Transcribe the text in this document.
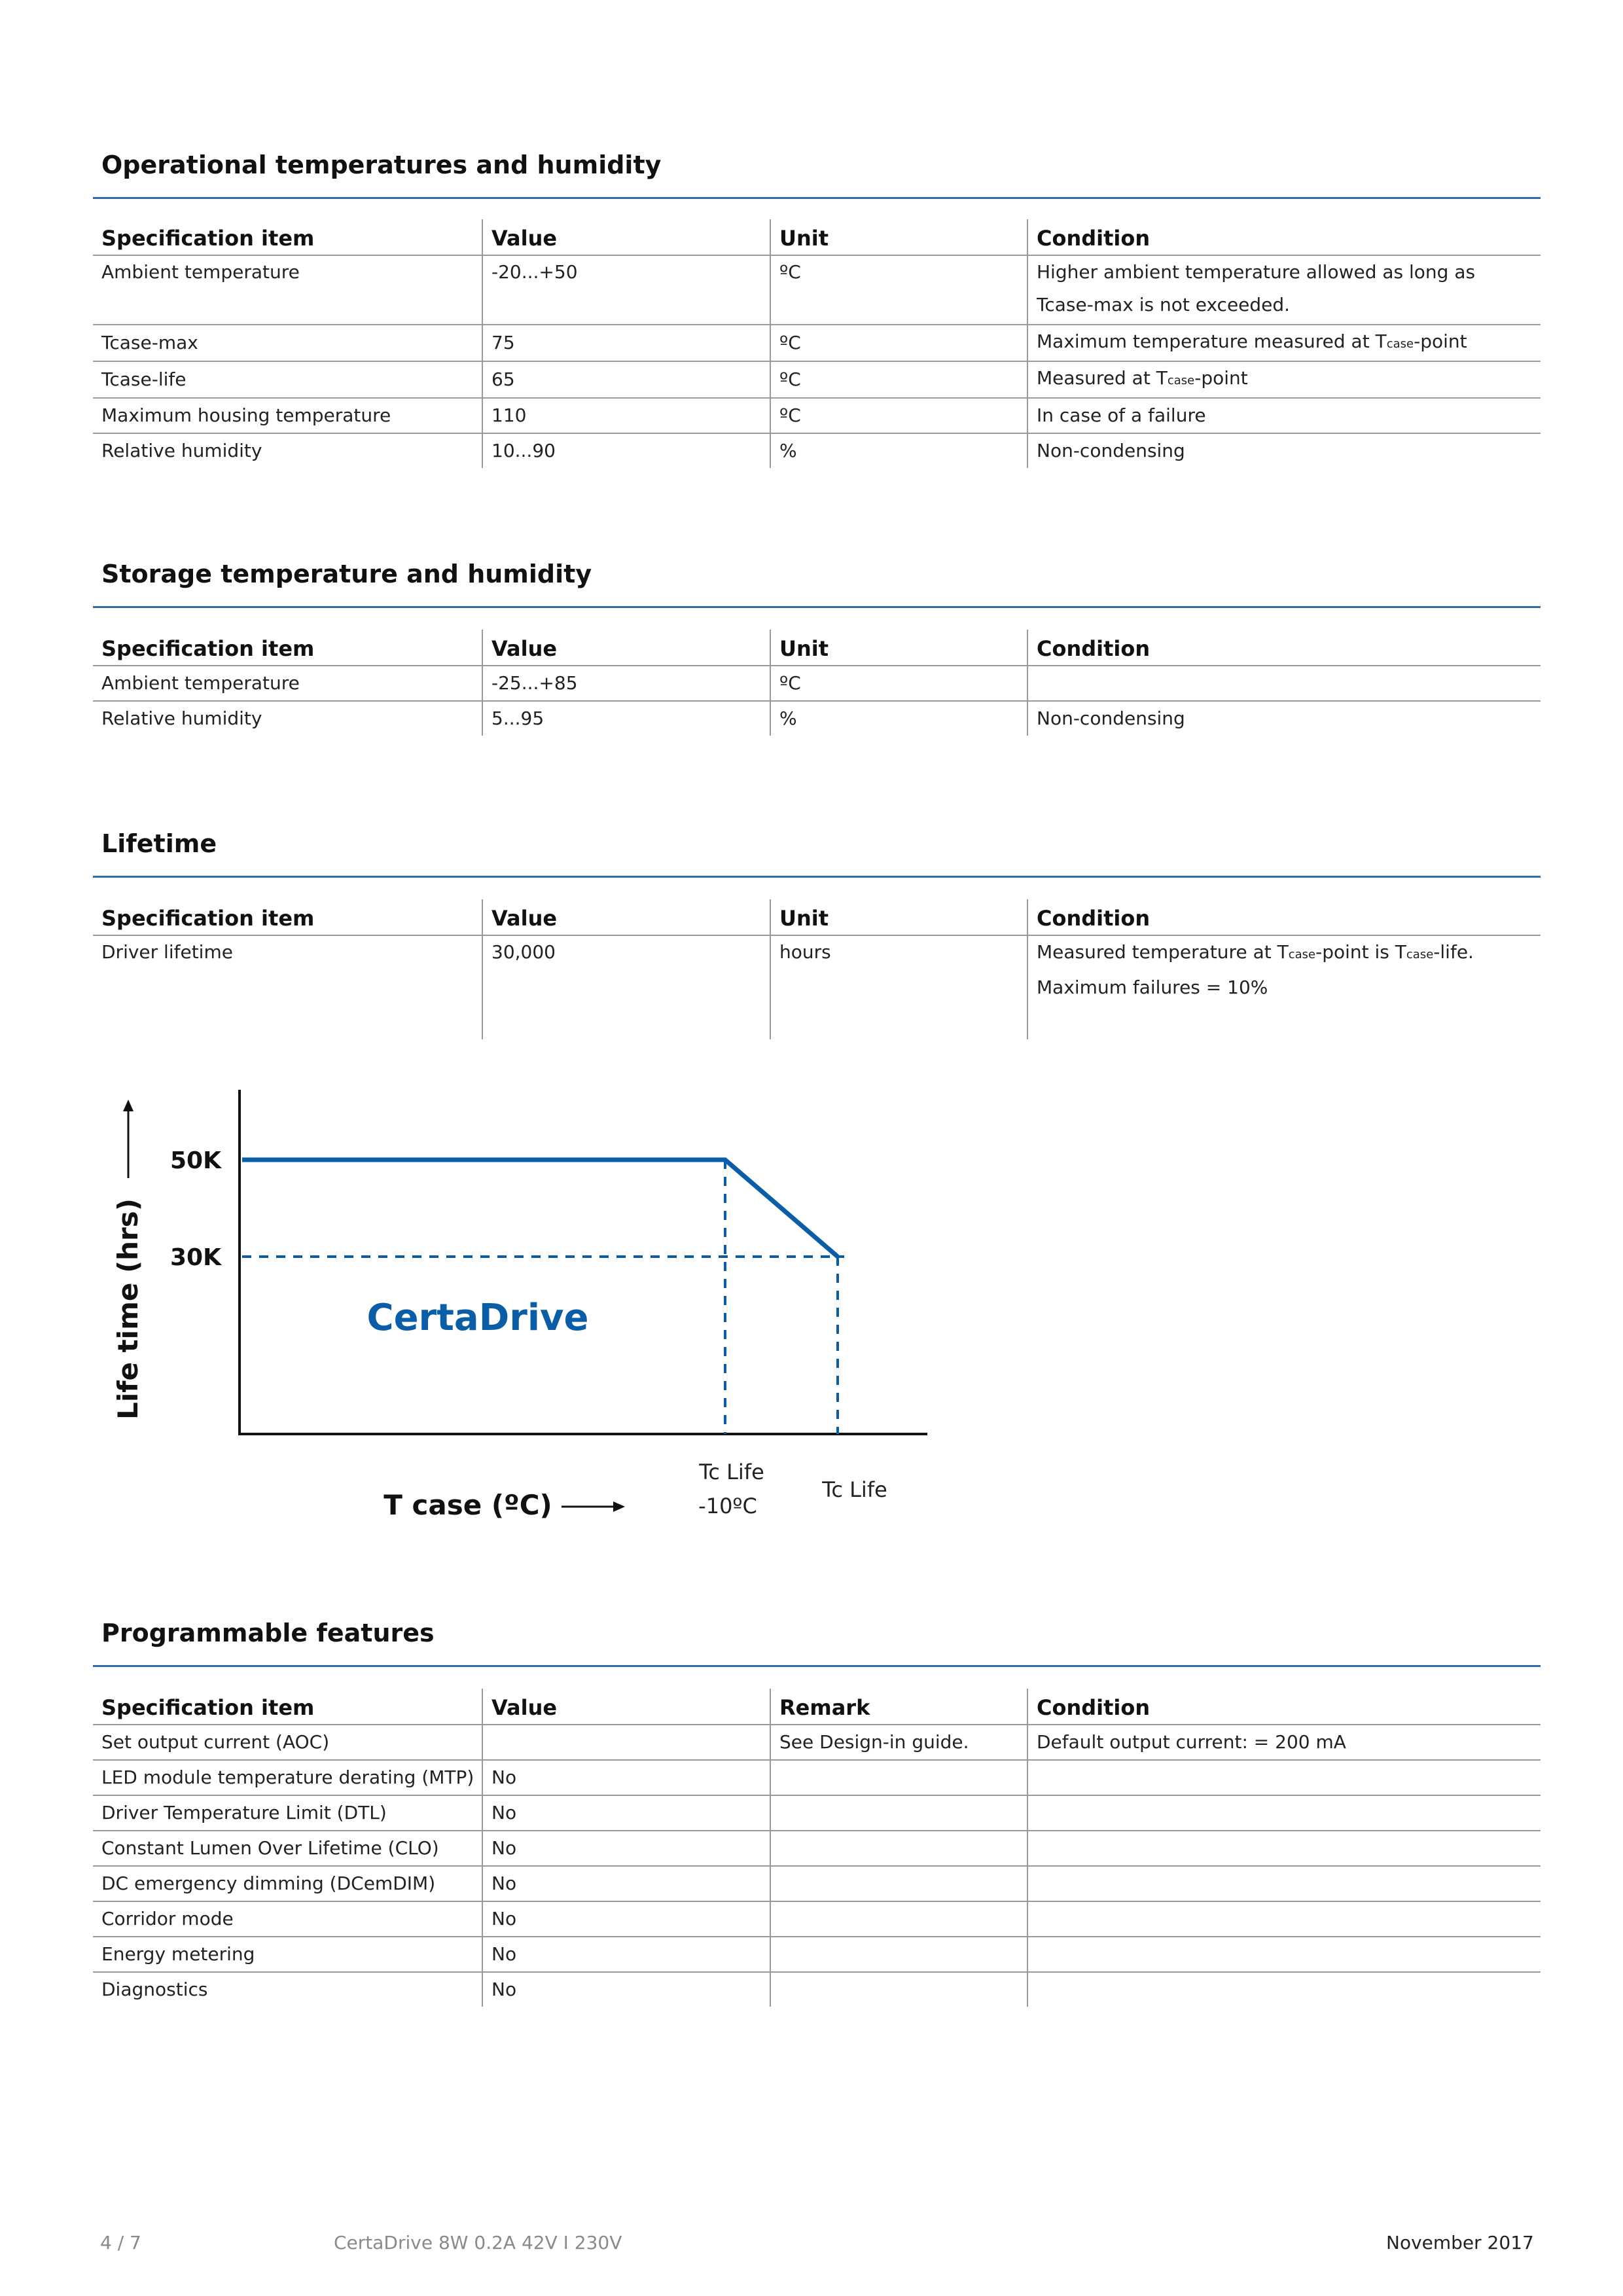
Operational temperatures and humidity
Specification item	Value	Unit	Condition
Ambient temperature	-20...+50	ºC	Higher ambient temperature allowed as long as
Tcase-max is not exceeded.

Tcase-max	75	ºC	Maximum temperature measured at Tcase-point
Tcase-life	65	ºC	Measured at Tcase-point
Maximum housing temperature	110	ºC	In case of a failure
Relative humidity	10...90	%	Non-condensing
Storage temperature and humidity
Specification item	Value	Unit	Condition
Ambient temperature	-25...+85	ºC	
Relative humidity	5...95	%	Non-condensing
Lifetime
Specification item	Value	Unit	Condition
Driver lifetime	30,000	hours	Measured temperature at Tcase-point is Tcase-life.
Maximum failures = 10%
Life time (hrs)
50K
30K
CertaDrive
Tc Life
-10ºC
Tc Life
T case (ºC)
Programmable features
Specification item	Value	Remark	Condition
Set output current (AOC)		See Design-in guide.	Default output current: = 200 mA
LED module temperature derating (MTP)	No		
Driver Temperature Limit (DTL)	No		
Constant Lumen Over Lifetime (CLO)	No		
DC emergency dimming (DCemDIM)	No		
Corridor mode	No		
Energy metering	No		
Diagnostics	No		
4 / 7	CertaDrive 8W 0.2A 42V I 230V	November 2017
